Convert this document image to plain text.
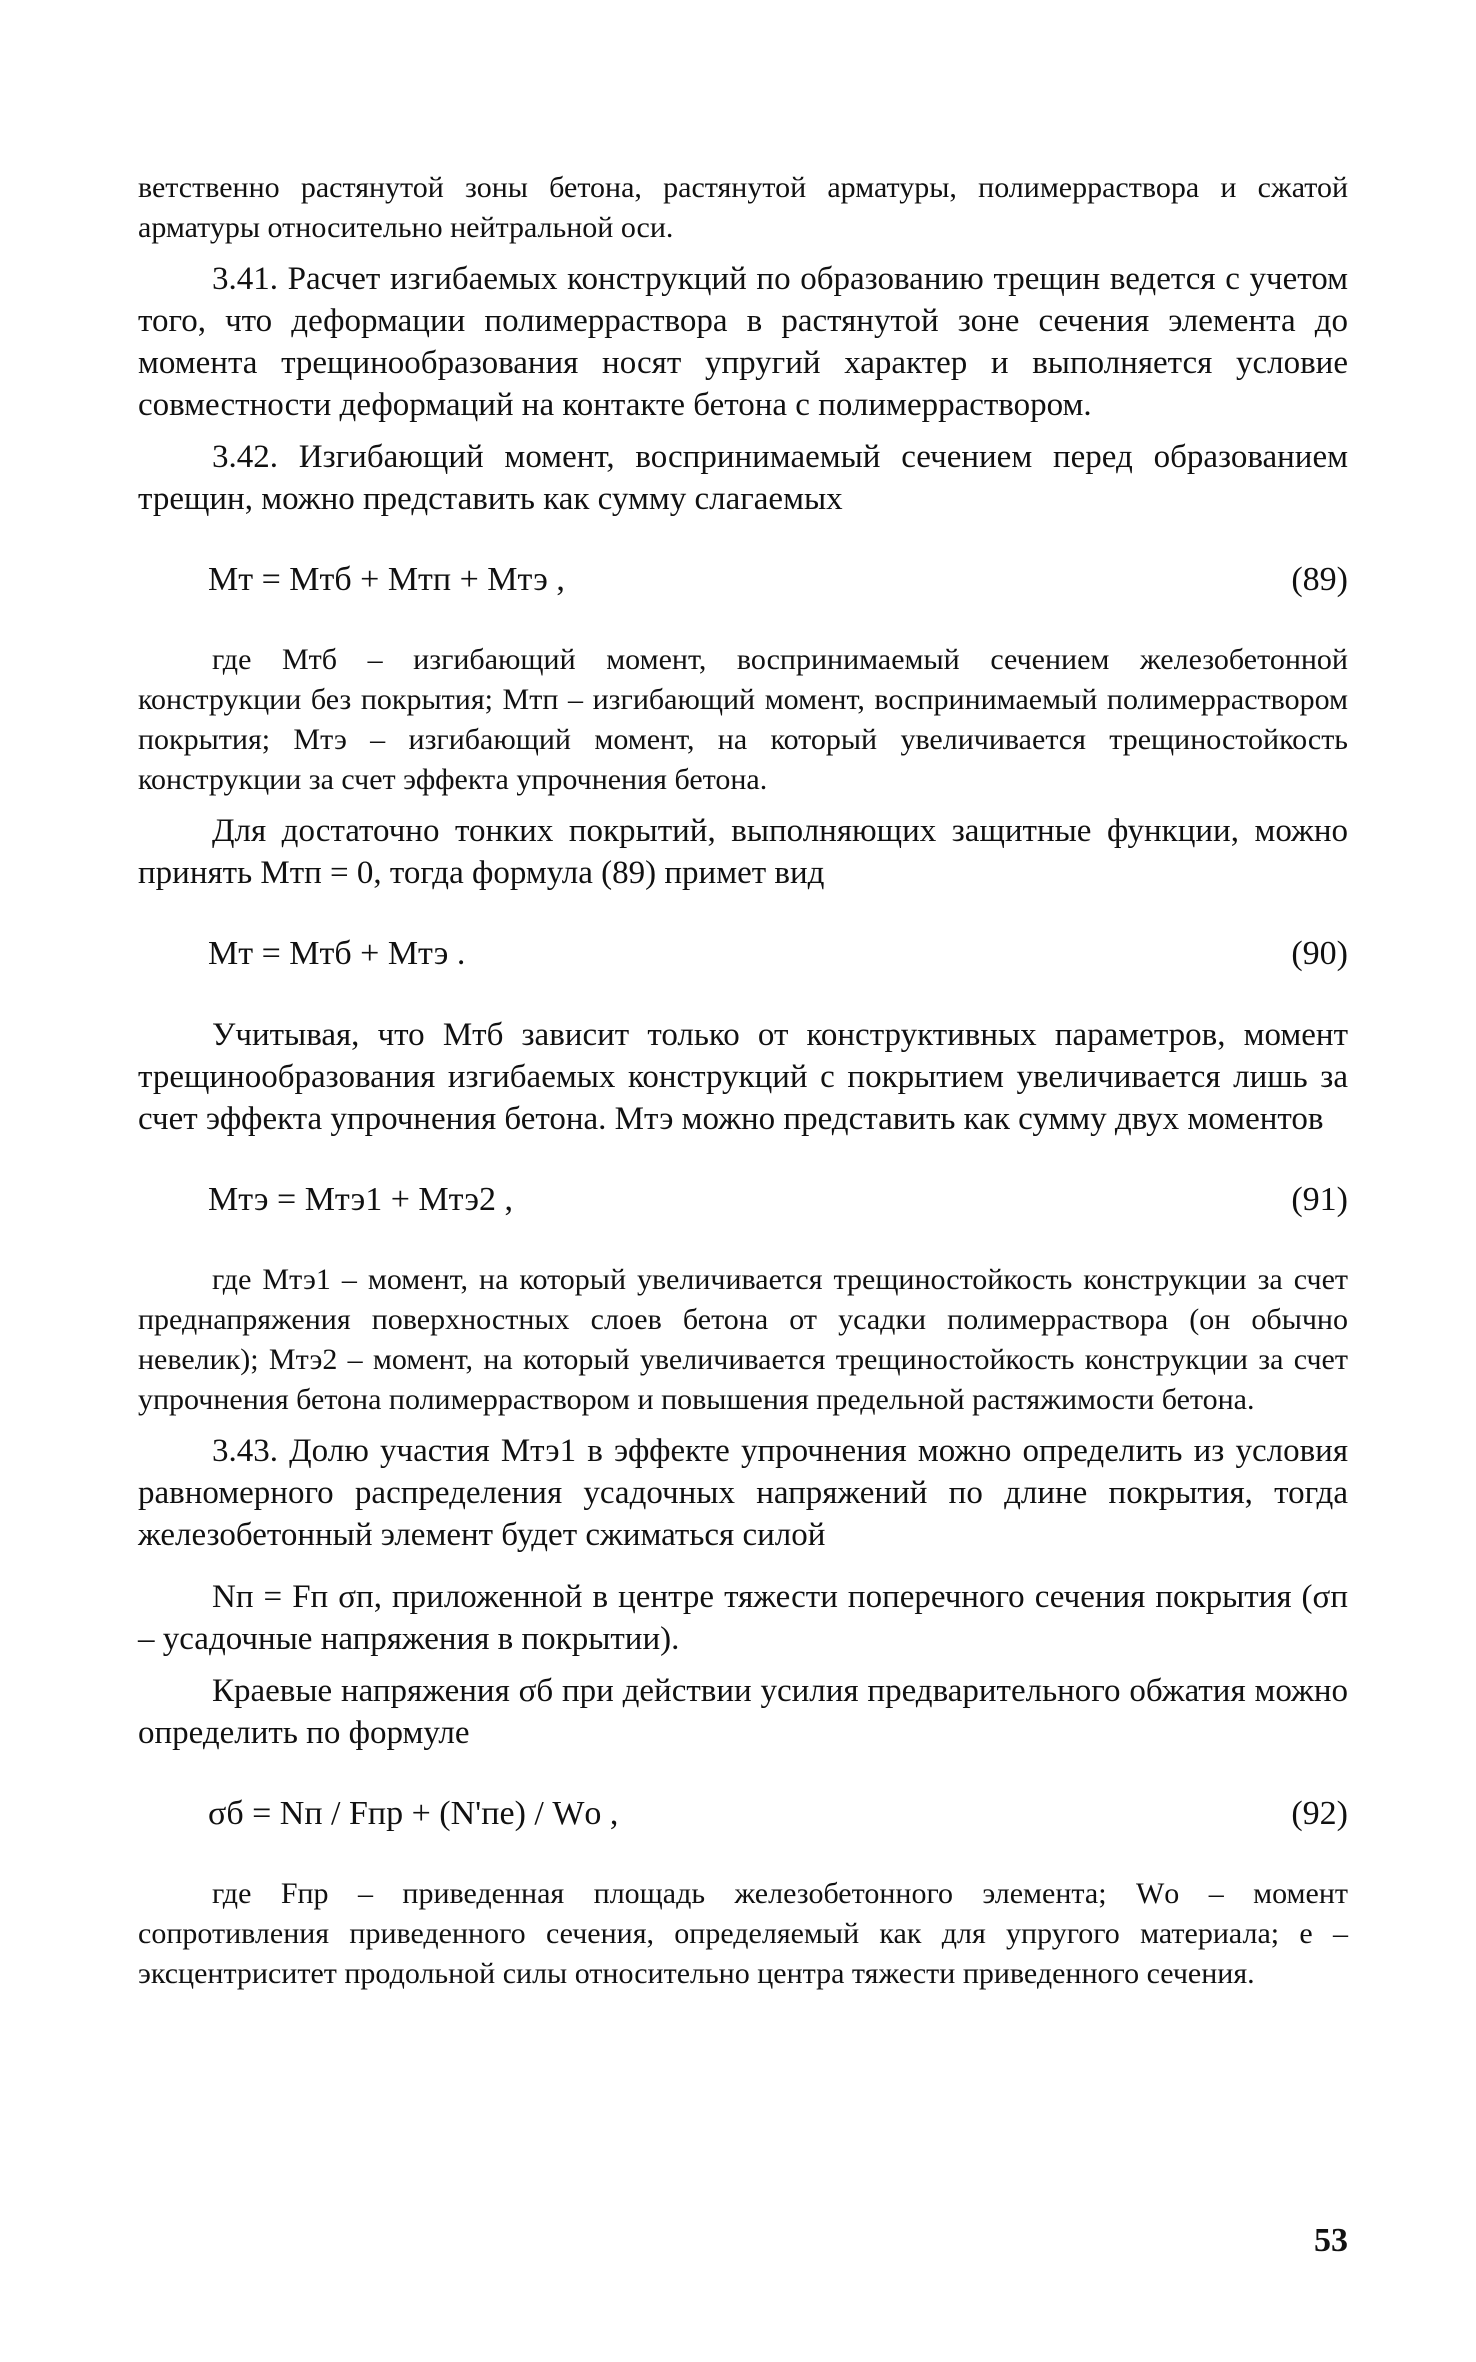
ветственно растянутой зоны бетона, растянутой арматуры, полимерраствора и сжатой арматуры относительно нейтральной оси.

3.41. Расчет изгибаемых конструкций по образованию трещин ведется с учетом того, что деформации полимерраствора в растянутой зоне сечения элемента до момента трещинообразования носят упругий характер и выполняется условие совместности деформаций на контакте бетона с полимерраствором.

3.42. Изгибающий момент, воспринимаемый сечением перед образованием трещин, можно представить как сумму слагаемых

Mт = Mтб + Mтп + Mтэ ,	(89)

где Mтб – изгибающий момент, воспринимаемый сечением железобетонной конструкции без покрытия; Mтп – изгибающий момент, воспринимаемый полимерраствором покрытия; Mтэ – изгибающий момент, на который увеличивается трещиностойкость конструкции за счет эффекта упрочнения бетона.

Для достаточно тонких покрытий, выполняющих защитные функции, можно принять Mтп = 0, тогда формула (89) примет вид

Mт = Mтб + Mтэ .	(90)

Учитывая, что Mтб зависит только от конструктивных параметров, момент трещинообразования изгибаемых конструкций с покрытием увеличивается лишь за счет эффекта упрочнения бетона. Mтэ можно представить как сумму двух моментов

Mтэ = Mтэ1 + Mтэ2 ,	(91)

где Mтэ1 – момент, на который увеличивается трещиностойкость конструкции за счет преднапряжения поверхностных слоев бетона от усадки полимерраствора (он обычно невелик); Mтэ2 – момент, на который увеличивается трещиностойкость конструкции за счет упрочнения бетона полимерраствором и повышения предельной растяжимости бетона.

3.43. Долю участия Mтэ1 в эффекте упрочнения можно определить из условия равномерного распределения усадочных напряжений по длине покрытия, тогда железобетонный элемент будет сжиматься силой

Nп = Fп σп, приложенной в центре тяжести поперечного сечения покрытия (σп – усадочные напряжения в покрытии).

Краевые напряжения σб при действии усилия предварительного обжатия можно определить по формуле

σб = Nп / Fпр + (N'пe) / Wо ,	(92)

где Fпр – приведенная площадь железобетонного элемента; Wо – момент сопротивления приведенного сечения, определяемый как для упругого материала; е – эксцентриситет продольной силы относительно центра тяжести приведенного сечения.

53
